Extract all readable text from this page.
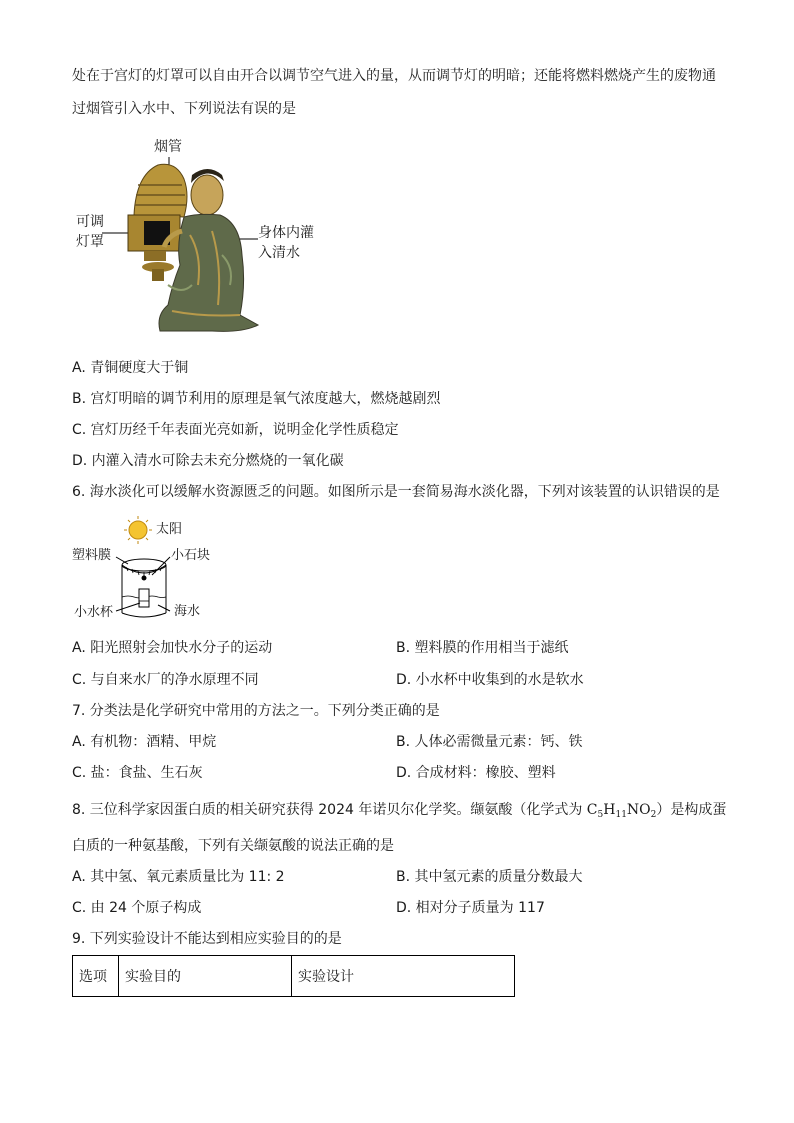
处在于宫灯的灯罩可以自由开合以调节空气进入的量，从而调节灯的明暗；还能将燃料燃烧产生的废物通
过烟管引入水中、下列说法有误的是
烟管
可调
灯罩
身体内灌
入清水
A. 青铜硬度大于铜
B. 宫灯明暗的调节利用的原理是氧气浓度越大，燃烧越剧烈
C. 宫灯历经千年表面光亮如新，说明金化学性质稳定
D. 内灌入清水可除去未充分燃烧的一氧化碳
6. 海水淡化可以缓解水资源匮乏的问题。如图所示是一套简易海水淡化器，下列对该装置的认识错误的是
太阳
塑料膜	小石块
小水杯	海水
A. 阳光照射会加快水分子的运动	B. 塑料膜的作用相当于滤纸
C. 与自来水厂的净水原理不同	D. 小水杯中收集到的水是软水
7. 分类法是化学研究中常用的方法之一。下列分类正确的是
A. 有机物：酒精、甲烷	B. 人体必需微量元素：钙、铁
C. 盐：食盐、生石灰	D. 合成材料：橡胶、塑料
8. 三位科学家因蛋白质的相关研究获得 2024 年诺贝尔化学奖。缬氨酸（化学式为 $C_5H_{11}NO_2$）是构成蛋
白质的一种氨基酸，下列有关缬氨酸的说法正确的是
A. 其中氢、氧元素质量比为 11: 2	B. 其中氢元素的质量分数最大
C. 由 24 个原子构成	D. 相对分子质量为 117
9. 下列实验设计不能达到相应实验目的的是
选项	实验目的	实验设计
